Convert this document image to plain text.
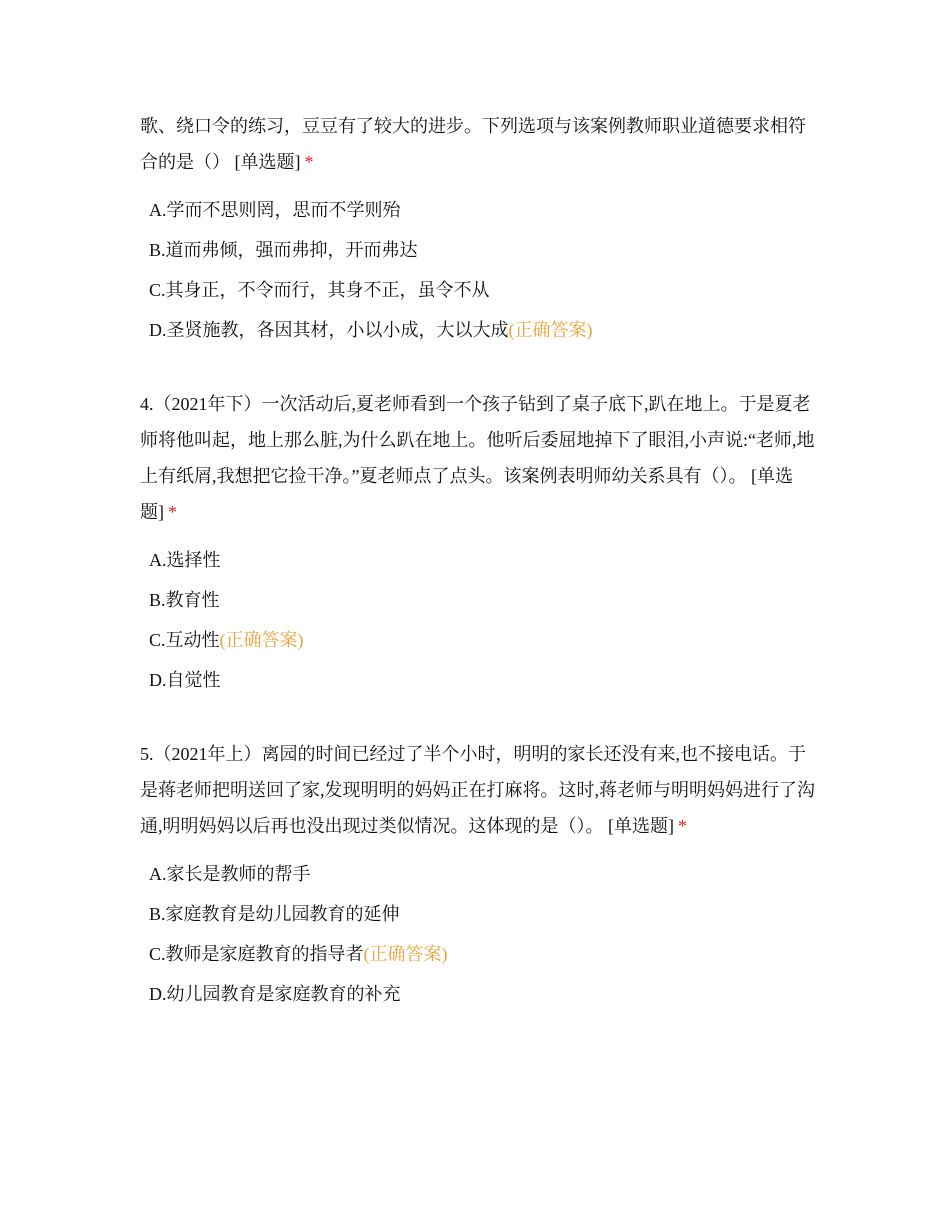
歌、绕口令的练习，豆豆有了较大的进步。下列选项与该案例教师职业道德要求相符合的是（） [单选题] *

A.学而不思则罔，思而不学则殆
B.道而弗倾，强而弗抑，开而弗达
C.其身正，不令而行，其身不正，虽令不从
D.圣贤施教，各因其材，小以小成，大以大成(正确答案)

4.（2021年下）一次活动后,夏老师看到一个孩子钻到了桌子底下,趴在地上。于是夏老师将他叫起，地上那么脏,为什么趴在地上。他听后委屈地掉下了眼泪,小声说:“老师,地上有纸屑,我想把它捡干净。”夏老师点了点头。该案例表明师幼关系具有（）。 [单选题] *

A.选择性
B.教育性
C.互动性(正确答案)
D.自觉性

5.（2021年上）离园的时间已经过了半个小时，明明的家长还没有来,也不接电话。于是蒋老师把明送回了家,发现明明的妈妈正在打麻将。这时,蒋老师与明明妈妈进行了沟通,明明妈妈以后再也没出现过类似情况。这体现的是（）。 [单选题] *

A.家长是教师的帮手
B.家庭教育是幼儿园教育的延伸
C.教师是家庭教育的指导者(正确答案)
D.幼儿园教育是家庭教育的补充
